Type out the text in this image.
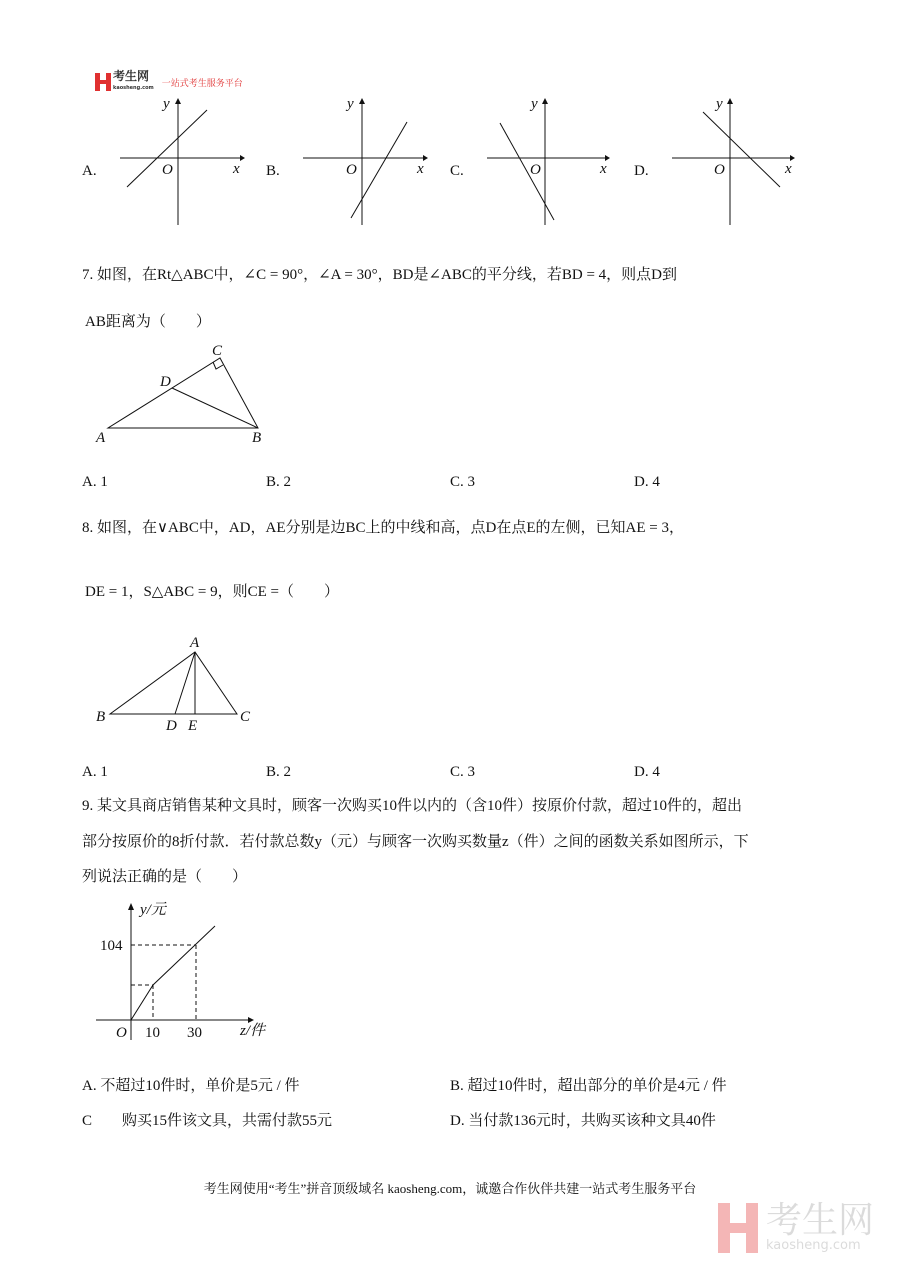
考生网
kaosheng.com 一站式考生服务平台
A.
y
x
O	B.
y
x
O	C.
y
x
O	D.
y
x
O
7. 如图，在Rt△ABC中，∠C = 90°，∠A = 30°，BD是∠ABC的平分线，若BD = 4，则点D到
AB距离为（　　）
C
D
A	B
A. 1	B. 2	C. 3	D. 4
8. 如图，在∨ABC中，AD，AE分别是边BC上的中线和高，点D在点E的左侧，已知AE = 3，
DE = 1，S△ABC = 9，则CE =（　　）
A
B	C
D E
A. 1	B. 2	C. 3	D. 4
9. 某文具商店销售某种文具时，顾客一次购买10件以内的（含10件）按原价付款，超过10件的，超出
部分按原价的8折付款．若付款总数y（元）与顾客一次购买数量z（件）之间的函数关系如图所示，下
列说法正确的是（　　）
y/元
104
O 10 30	z/件
A. 不超过10件时，单价是5元 / 件	B. 超过10件时，超出部分的单价是4元 / 件
C　　购买15件该文具，共需付款55元	D. 当付款136元时，共购买该种文具40件
考生网使用“考生”拼音顶级域名 kaosheng.com，诚邀合作伙伴共建一站式考生服务平台
考生网
kaosheng.com
